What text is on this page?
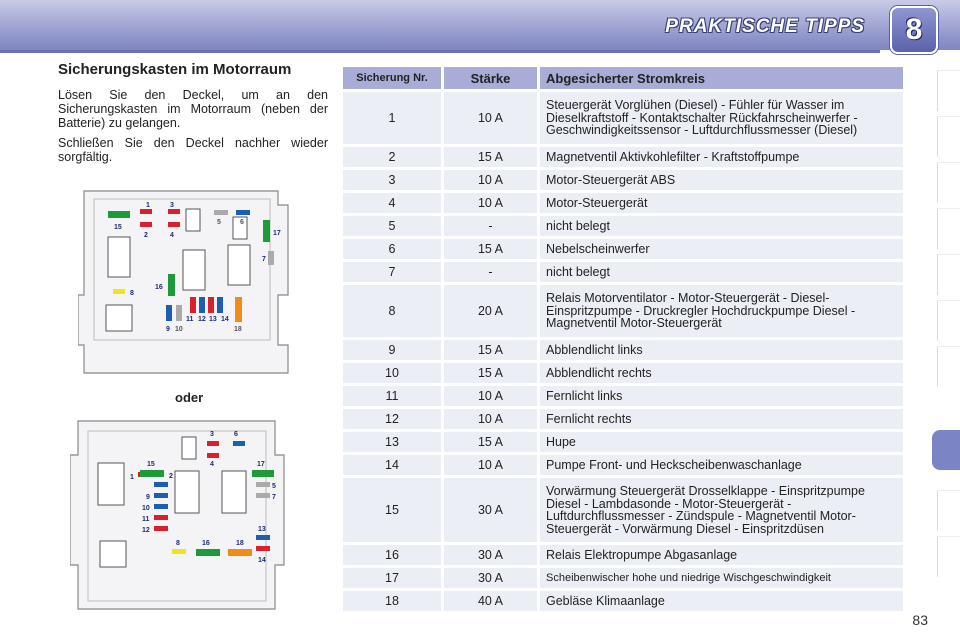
PRAKTISCHE TIPPS	8
Sicherungskasten im Motorraum

Lösen Sie den Deckel, um an den Sicherungskasten im Motorraum (neben der Batterie) zu gelangen.

Schließen Sie den Deckel nachher wieder sorgfältig.

1	3
15
2	4
5	6
17
7
8
16
9 10
11 12 13 14
18
oder
3	6
1
15
2
4	17
5
7
9
10
11
12	13
8	16	18
14
Sicherung Nr.	Stärke	Abgesicherter Stromkreis
1	10 A	Steuergerät Vorglühen (Diesel) - Fühler für Wasser im Dieselkraftstoff - Kontaktschalter Rückfahrscheinwerfer - Geschwindigkeitssensor - Luftdurchflussmesser (Diesel)
2	15 A	Magnetventil Aktivkohlefilter - Kraftstoffpumpe
3	10 A	Motor-Steuergerät ABS
4	10 A	Motor-Steuergerät
5	-	nicht belegt
6	15 A	Nebelscheinwerfer
7	-	nicht belegt
8	20 A	Relais Motorventilator - Motor-Steuergerät - Diesel-Einspritzpumpe - Druckregler Hochdruckpumpe Diesel - Magnetventil Motor-Steuergerät
9	15 A	Abblendlicht links
10	15 A	Abblendlicht rechts
11	10 A	Fernlicht links
12	10 A	Fernlicht rechts
13	15 A	Hupe
14	10 A	Pumpe Front- und Heckscheibenwaschanlage
15	30 A	Vorwärmung Steuergerät Drosselklappe - Einspritzpumpe Diesel - Lambdasonde - Motor-Steuergerät - Luftdurchflussmesser - Zündspule - Magnetventil Motor-Steuergerät - Vorwärmung Diesel - Einspritzdüsen
16	30 A	Relais Elektropumpe Abgasanlage
17	30 A	Scheibenwischer hohe und niedrige Wischgeschwindigkeit
18	40 A	Gebläse Klimaanlage
83
